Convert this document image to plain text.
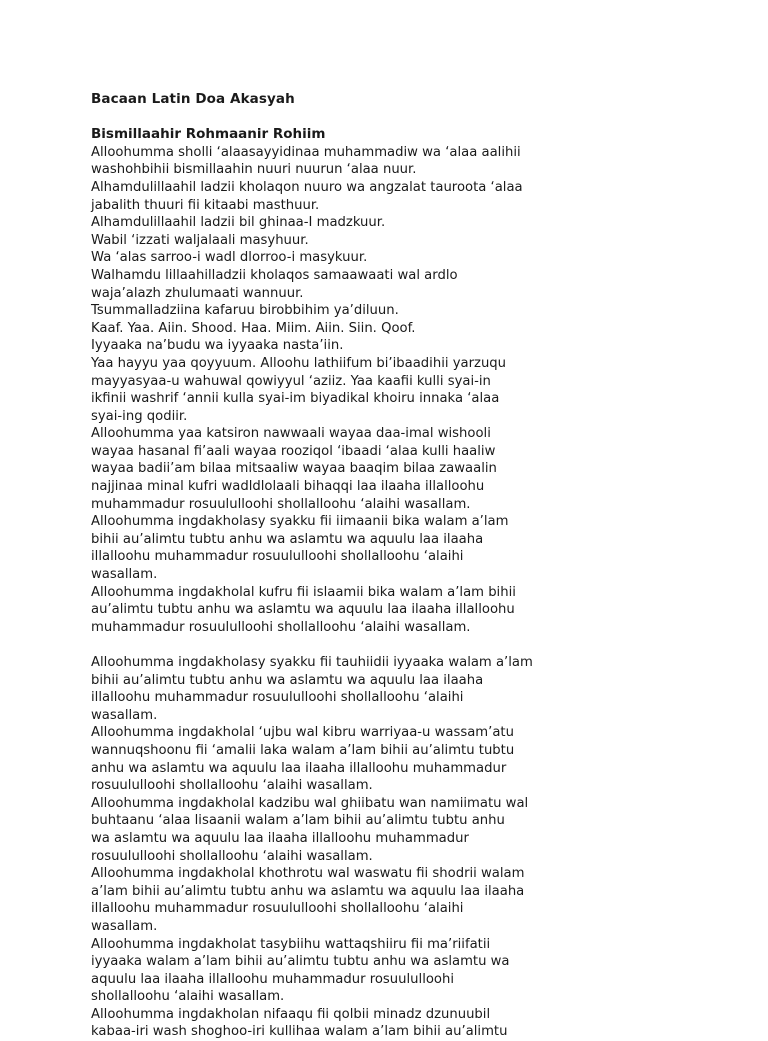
Bacaan Latin Doa Akasyah
Bismillaahir Rohmaanir Rohiim
Alloohumma sholli ‘alaasayyidinaa muhammadiw wa ‘alaa aalihii
washohbihii bismillaahin nuuri nuurun ‘alaa nuur.
Alhamdulillaahil ladzii kholaqon nuuro wa angzalat tauroota ‘alaa
jabalith thuuri fii kitaabi masthuur.
Alhamdulillaahil ladzii bil ghinaa-I madzkuur.
Wabil ‘izzati waljalaali masyhuur.
Wa ‘alas sarroo-i wadl dlorroo-i masykuur.
Walhamdu lillaahilladzii kholaqos samaawaati wal ardlo
waja’alazh zhulumaati wannuur.
Tsummalladziina kafaruu birobbihim ya’diluun.
Kaaf. Yaa. Aiin. Shood. Haa. Miim. Aiin. Siin. Qoof.
Iyyaaka na’budu wa iyyaaka nasta’iin.
Yaa hayyu yaa qoyyuum. Alloohu lathiifum bi’ibaadihii yarzuqu
mayyasyaa-u wahuwal qowiyyul ‘aziiz. Yaa kaafii kulli syai-in
ikfinii washrif ‘annii kulla syai-im biyadikal khoiru innaka ‘alaa
syai-ing qodiir.
Alloohumma yaa katsiron nawwaali wayaa daa-imal wishooli
wayaa hasanal fi’aali wayaa rooziqol ‘ibaadi ‘alaa kulli haaliw
wayaa badii’am bilaa mitsaaliw wayaa baaqim bilaa zawaalin
najjinaa minal kufri wadldlolaali bihaqqi laa ilaaha illalloohu
muhammadur rosuululloohi shollalloohu ‘alaihi wasallam.
Alloohumma ingdakholasy syakku fii iimaanii bika walam a’lam
bihii au’alimtu tubtu anhu wa aslamtu wa aquulu laa ilaaha
illalloohu muhammadur rosuululloohi shollalloohu ‘alaihi
wasallam.
Alloohumma ingdakholal kufru fii islaamii bika walam a’lam bihii
au’alimtu tubtu anhu wa aslamtu wa aquulu laa ilaaha illalloohu
muhammadur rosuululloohi shollalloohu ‘alaihi wasallam.
Alloohumma ingdakholasy syakku fii tauhiidii iyyaaka walam a’lam
bihii au’alimtu tubtu anhu wa aslamtu wa aquulu laa ilaaha
illalloohu muhammadur rosuululloohi shollalloohu ‘alaihi
wasallam.
Alloohumma ingdakholal ‘ujbu wal kibru warriyaa-u wassam’atu
wannuqshoonu fii ‘amalii laka walam a’lam bihii au’alimtu tubtu
anhu wa aslamtu wa aquulu laa ilaaha illalloohu muhammadur
rosuululloohi shollalloohu ‘alaihi wasallam.
Alloohumma ingdakholal kadzibu wal ghiibatu wan namiimatu wal
buhtaanu ‘alaa lisaanii walam a’lam bihii au’alimtu tubtu anhu
wa aslamtu wa aquulu laa ilaaha illalloohu muhammadur
rosuululloohi shollalloohu ‘alaihi wasallam.
Alloohumma ingdakholal khothrotu wal waswatu fii shodrii walam
a’lam bihii au’alimtu tubtu anhu wa aslamtu wa aquulu laa ilaaha
illalloohu muhammadur rosuululloohi shollalloohu ‘alaihi
wasallam.
Alloohumma ingdakholat tasybiihu wattaqshiiru fii ma’riifatii
iyyaaka walam a’lam bihii au’alimtu tubtu anhu wa aslamtu wa
aquulu laa ilaaha illalloohu muhammadur rosuululloohi
shollalloohu ‘alaihi wasallam.
Alloohumma ingdakholan nifaaqu fii qolbii minadz dzunuubil
kabaa-iri wash shoghoo-iri kullihaa walam a’lam bihii au’alimtu
